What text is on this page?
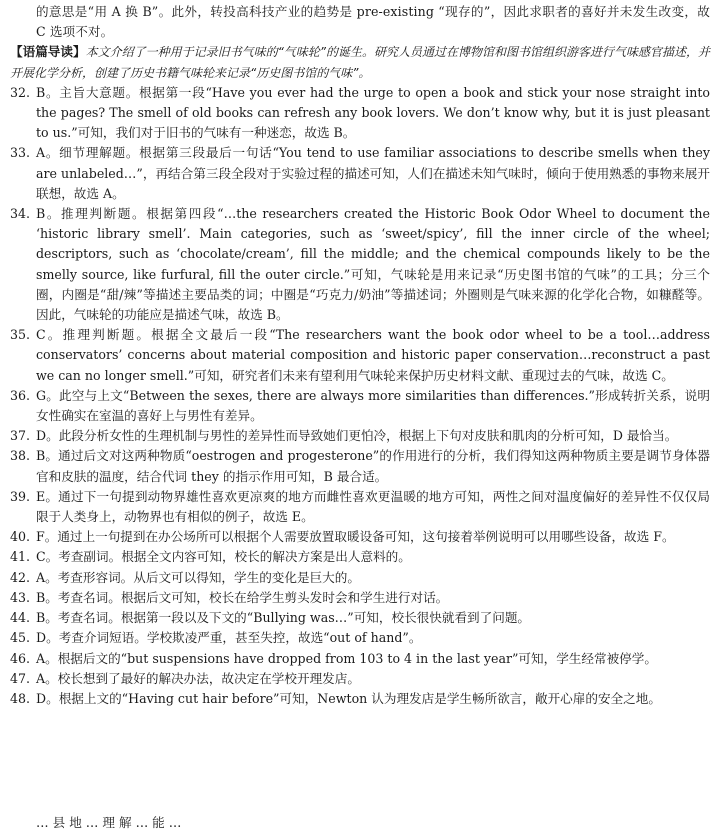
的意思是“用 A 换 B”。此外，转投高科技产业的趋势是 pre-existing “现存的”，因此求职者的喜好并未发生改变，故 C 选项不对。

【语篇导读】本文介绍了一种用于记录旧书气味的“气味轮”的诞生。研究人员通过在博物馆和图书馆组织游客进行气味感官描述，并开展化学分析，创建了历史书籍气味轮来记录“历史图书馆的气味”。

32. B。主旨大意题。根据第一段“Have you ever had the urge to open a book and stick your nose straight into the pages? The smell of old books can refresh any book lovers. We don’t know why, but it is just pleasant to us.”可知，我们对于旧书的气味有一种迷恋，故选 B。
33. A。细节理解题。根据第三段最后一句话“You tend to use familiar associations to describe smells when they are unlabeled…”，再结合第三段全段对于实验过程的描述可知，人们在描述未知气味时，倾向于使用熟悉的事物来展开联想，故选 A。
34. B。推理判断题。根据第四段“…the researchers created the Historic Book Odor Wheel to document the ‘historic library smell’. Main categories, such as ‘sweet/spicy’, fill the inner circle of the wheel; descriptors, such as ‘chocolate/cream’, fill the middle; and the chemical compounds likely to be the smelly source, like furfural, fill the outer circle.”可知，气味轮是用来记录“历史图书馆的气味”的工具；分三个圈，内圈是“甜/辣”等描述主要品类的词；中圈是“巧克力/奶油”等描述词；外圈则是气味来源的化学化合物，如糠醛等。因此，气味轮的功能应是描述气味，故选 B。
35. C。推理判断题。根据全文最后一段“The researchers want the book odor wheel to be a tool…address conservators’ concerns about material composition and historic paper conservation…reconstruct a past we can no longer smell.”可知，研究者们未来有望利用气味轮来保护历史材料文献、重现过去的气味，故选 C。
36. G。此空与上文“Between the sexes, there are always more similarities than differences.”形成转折关系，说明女性确实在室温的喜好上与男性有差异。
37. D。此段分析女性的生理机制与男性的差异性而导致她们更怕冷，根据上下句对皮肤和肌肉的分析可知，D 最恰当。
38. B。通过后文对这两种物质“oestrogen and progesterone”的作用进行的分析，我们得知这两种物质主要是调节身体器官和皮肤的温度，结合代词 they 的指示作用可知，B 最合适。
39. E。通过下一句提到动物界雄性喜欢更凉爽的地方而雌性喜欢更温暖的地方可知，两性之间对温度偏好的差异性不仅仅局限于人类身上，动物界也有相似的例子，故选 E。
40. F。通过上一句提到在办公场所可以根据个人需要放置取暖设备可知，这句接着举例说明可以用哪些设备，故选 F。
41. C。考查副词。根据全文内容可知，校长的解决方案是出人意料的。
42. A。考查形容词。从后文可以得知，学生的变化是巨大的。
43. B。考查名词。根据后文可知，校长在给学生剪头发时会和学生进行对话。
44. B。考查名词。根据第一段以及下文的“Bullying was…”可知，校长很快就看到了问题。
45. D。考查介词短语。学校欺凌严重，甚至失控，故选“out of hand”。
46. A。根据后文的“but suspensions have dropped from 103 to 4 in the last year”可知，学生经常被停学。
47. A。校长想到了最好的解决办法，故决定在学校开理发店。
48. D。根据上文的“Having cut hair before”可知，Newton 认为理发店是学生畅所欲言，敞开心扉的安全之地。
… 县 地 … 理 解 … 能 …
